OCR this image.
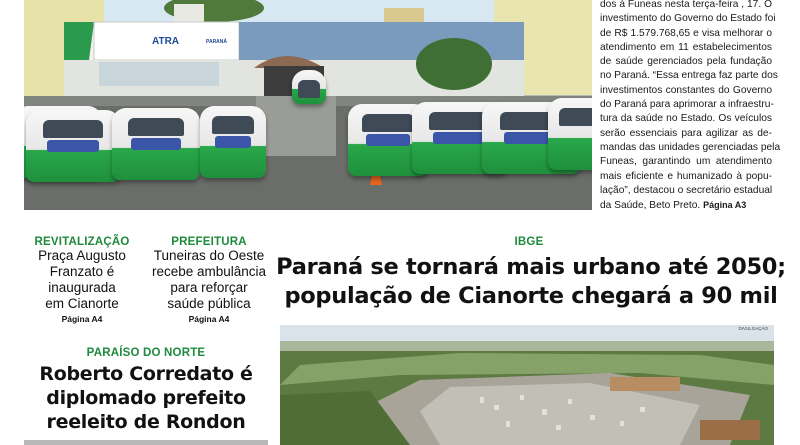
ATRA	PARANÁ
dos à Funeas nesta terça-feira , 17. O
investimento do Governo do Estado foi
de R$ 1.579.768,65 e visa melhorar o
atendimento em 11 estabelecimentos
de saúde gerenciados pela fundação
no Paraná. “Essa entrega faz parte dos
investimentos constantes do Governo
do Paraná para aprimorar a infraestru-
tura da saúde no Estado. Os veículos
serão essenciais para agilizar as de-
mandas das unidades gerenciadas pela
Funeas, garantindo um atendimento
mais eficiente e humanizado à popu-
lação”, destacou o secretário estadual
da Saúde, Beto Preto. Página A3
REVITALIZAÇÃO
Praça Augusto
Franzato é
inaugurada
em Cianorte
Página A4
PREFEITURA
Tuneiras do Oeste
recebe ambulância
para reforçar
saúde pública
Página A4
IBGE
Paraná se tornará mais urbano até 2050;
população de Cianorte chegará a 90 mil
PARAÍSO DO NORTE
Roberto Corredato é
diplomado prefeito
reeleito de Rondon
DIVULGAÇÃO
